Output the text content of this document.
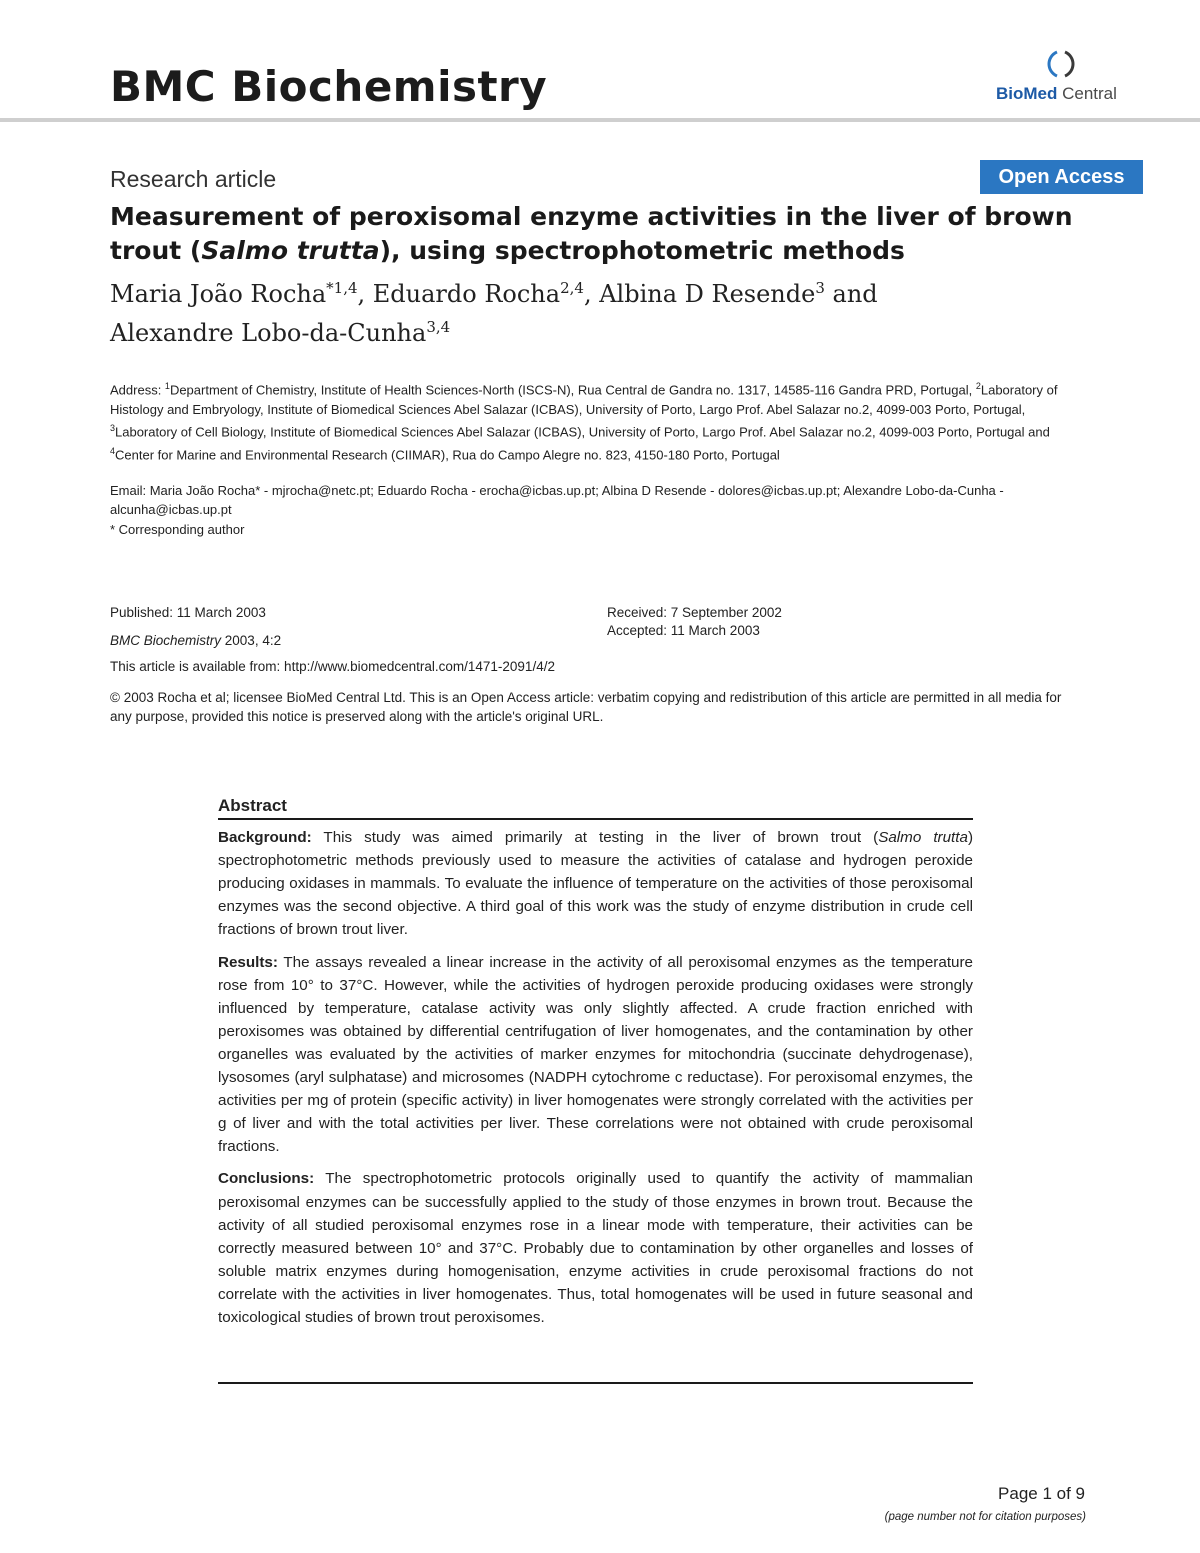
BMC Biochemistry	BioMed Central
Research article	Open Access
Measurement of peroxisomal enzyme activities in the liver of brown trout (Salmo trutta), using spectrophotometric methods
Maria João Rocha$^{*1,4}$, Eduardo Rocha$^{2,4}$, Albina D Resende$^3$ and
Alexandre Lobo-da-Cunha$^{3,4}$
Address: $^1$Department of Chemistry, Institute of Health Sciences-North (ISCS-N), Rua Central de Gandra no. 1317, 14585-116 Gandra PRD, Portugal, $^2$Laboratory of Histology and Embryology, Institute of Biomedical Sciences Abel Salazar (ICBAS), University of Porto, Largo Prof. Abel Salazar no.2, 4099-003 Porto, Portugal, $^3$Laboratory of Cell Biology, Institute of Biomedical Sciences Abel Salazar (ICBAS), University of Porto, Largo Prof. Abel Salazar no.2, 4099-003 Porto, Portugal and $^4$Center for Marine and Environmental Research (CIIMAR), Rua do Campo Alegre no. 823, 4150-180 Porto, Portugal
Email: Maria João Rocha* - mjrocha@netc.pt; Eduardo Rocha - erocha@icbas.up.pt; Albina D Resende - dolores@icbas.up.pt; Alexandre Lobo-da-Cunha - alcunha@icbas.up.pt
* Corresponding author
Published: 11 March 2003
BMC Biochemistry 2003, 4:2
Received: 7 September 2002
Accepted: 11 March 2003
This article is available from: http://www.biomedcentral.com/1471-2091/4/2
© 2003 Rocha et al; licensee BioMed Central Ltd. This is an Open Access article: verbatim copying and redistribution of this article are permitted in all media for any purpose, provided this notice is preserved along with the article's original URL.
Abstract

Background: This study was aimed primarily at testing in the liver of brown trout (Salmo trutta) spectrophotometric methods previously used to measure the activities of catalase and hydrogen peroxide producing oxidases in mammals. To evaluate the influence of temperature on the activities of those peroxisomal enzymes was the second objective. A third goal of this work was the study of enzyme distribution in crude cell fractions of brown trout liver.

Results: The assays revealed a linear increase in the activity of all peroxisomal enzymes as the temperature rose from 10° to 37°C. However, while the activities of hydrogen peroxide producing oxidases were strongly influenced by temperature, catalase activity was only slightly affected. A crude fraction enriched with peroxisomes was obtained by differential centrifugation of liver homogenates, and the contamination by other organelles was evaluated by the activities of marker enzymes for mitochondria (succinate dehydrogenase), lysosomes (aryl sulphatase) and microsomes (NADPH cytochrome c reductase). For peroxisomal enzymes, the activities per mg of protein (specific activity) in liver homogenates were strongly correlated with the activities per g of liver and with the total activities per liver. These correlations were not obtained with crude peroxisomal fractions.

Conclusions: The spectrophotometric protocols originally used to quantify the activity of mammalian peroxisomal enzymes can be successfully applied to the study of those enzymes in brown trout. Because the activity of all studied peroxisomal enzymes rose in a linear mode with temperature, their activities can be correctly measured between 10° and 37°C. Probably due to contamination by other organelles and losses of soluble matrix enzymes during homogenisation, enzyme activities in crude peroxisomal fractions do not correlate with the activities in liver homogenates. Thus, total homogenates will be used in future seasonal and toxicological studies of brown trout peroxisomes.

Page 1 of 9
(page number not for citation purposes)
